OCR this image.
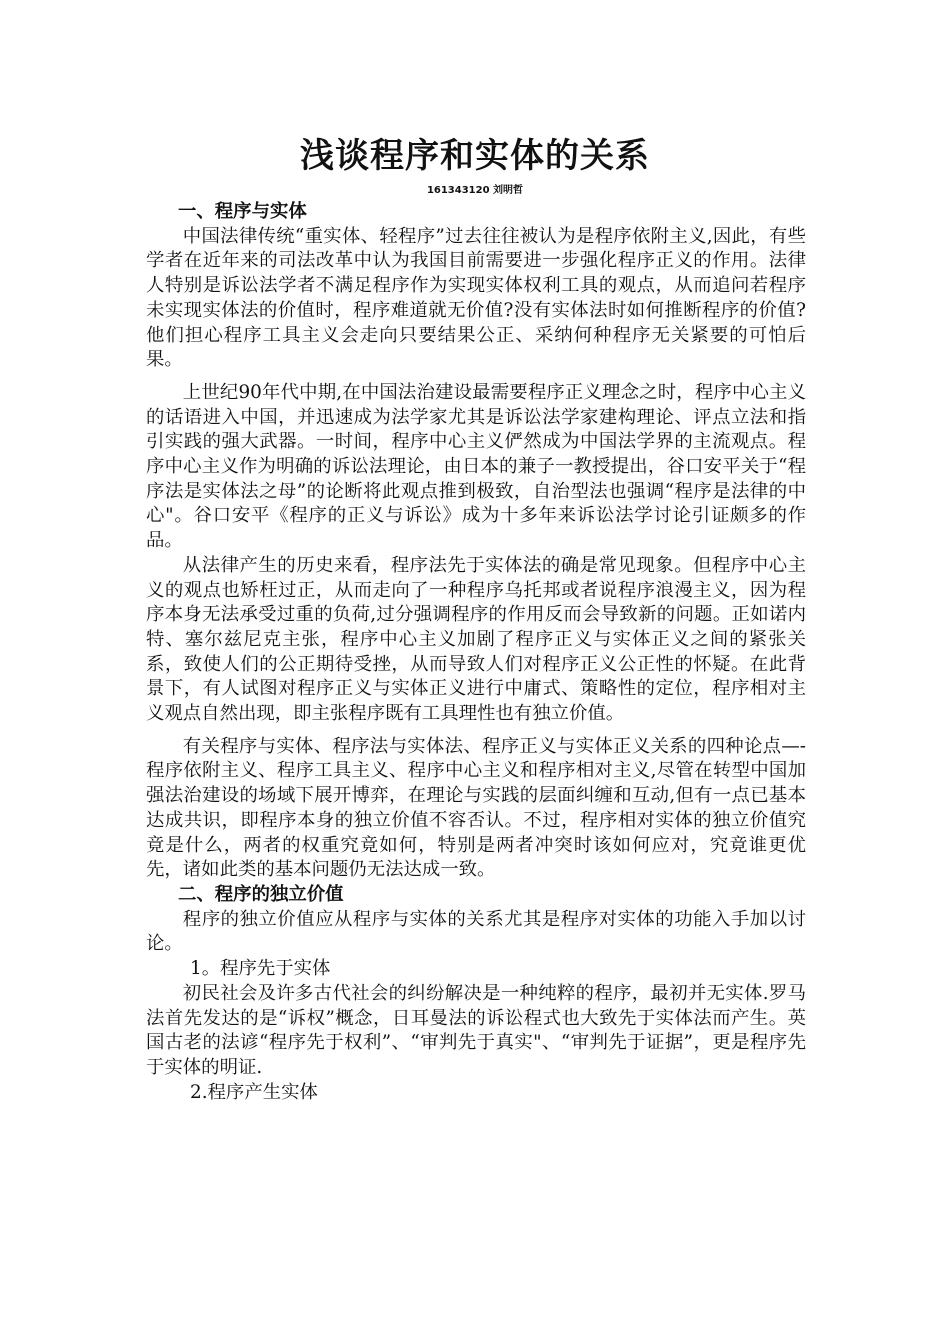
浅谈程序和实体的关系
161343120 刘明哲
一、程序与实体

中国法律传统“重实体、轻程序”过去往往被认为是程序依附主义,因此，有些学者在近年来的司法改革中认为我国目前需要进一步强化程序正义的作用。法律人特别是诉讼法学者不满足程序作为实现实体权利工具的观点，从而追问若程序未实现实体法的价值时，程序难道就无价值?没有实体法时如何推断程序的价值? 他们担心程序工具主义会走向只要结果公正、采纳何种程序无关紧要的可怕后果。

上世纪90年代中期,在中国法治建设最需要程序正义理念之时，程序中心主义的话语进入中国，并迅速成为法学家尤其是诉讼法学家建构理论、评点立法和指引实践的强大武器。一时间，程序中心主义俨然成为中国法学界的主流观点。程序中心主义作为明确的诉讼法理论，由日本的兼子一教授提出，谷口安平关于“程序法是实体法之母”的论断将此观点推到极致，自治型法也强调“程序是法律的中心"。谷口安平《程序的正义与诉讼》成为十多年来诉讼法学讨论引证颇多的作品。

从法律产生的历史来看，程序法先于实体法的确是常见现象。但程序中心主义的观点也矫枉过正，从而走向了一种程序乌托邦或者说程序浪漫主义，因为程序本身无法承受过重的负荷,过分强调程序的作用反而会导致新的问题。正如诺内特、塞尔兹尼克主张，程序中心主义加剧了程序正义与实体正义之间的紧张关系，致使人们的公正期待受挫，从而导致人们对程序正义公正性的怀疑。在此背景下，有人试图对程序正义与实体正义进行中庸式、策略性的定位，程序相对主义观点自然出现，即主张程序既有工具理性也有独立价值。

有关程序与实体、程序法与实体法、程序正义与实体正义关系的四种论点—-程序依附主义、程序工具主义、程序中心主义和程序相对主义,尽管在转型中国加强法治建设的场域下展开博弈，在理论与实践的层面纠缠和互动,但有一点已基本达成共识，即程序本身的独立价值不容否认。不过，程序相对实体的独立价值究竟是什么，两者的权重究竟如何，特别是两者冲突时该如何应对，究竟谁更优先，诸如此类的基本问题仍无法达成一致。

二、程序的独立价值

程序的独立价值应从程序与实体的关系尤其是程序对实体的功能入手加以讨论。

1。程序先于实体

初民社会及许多古代社会的纠纷解决是一种纯粹的程序，最初并无实体.罗马法首先发达的是“诉权”概念，日耳曼法的诉讼程式也大致先于实体法而产生。英国古老的法谚“程序先于权利”、“审判先于真实"、“审判先于证据”，更是程序先于实体的明证.

2.程序产生实体
